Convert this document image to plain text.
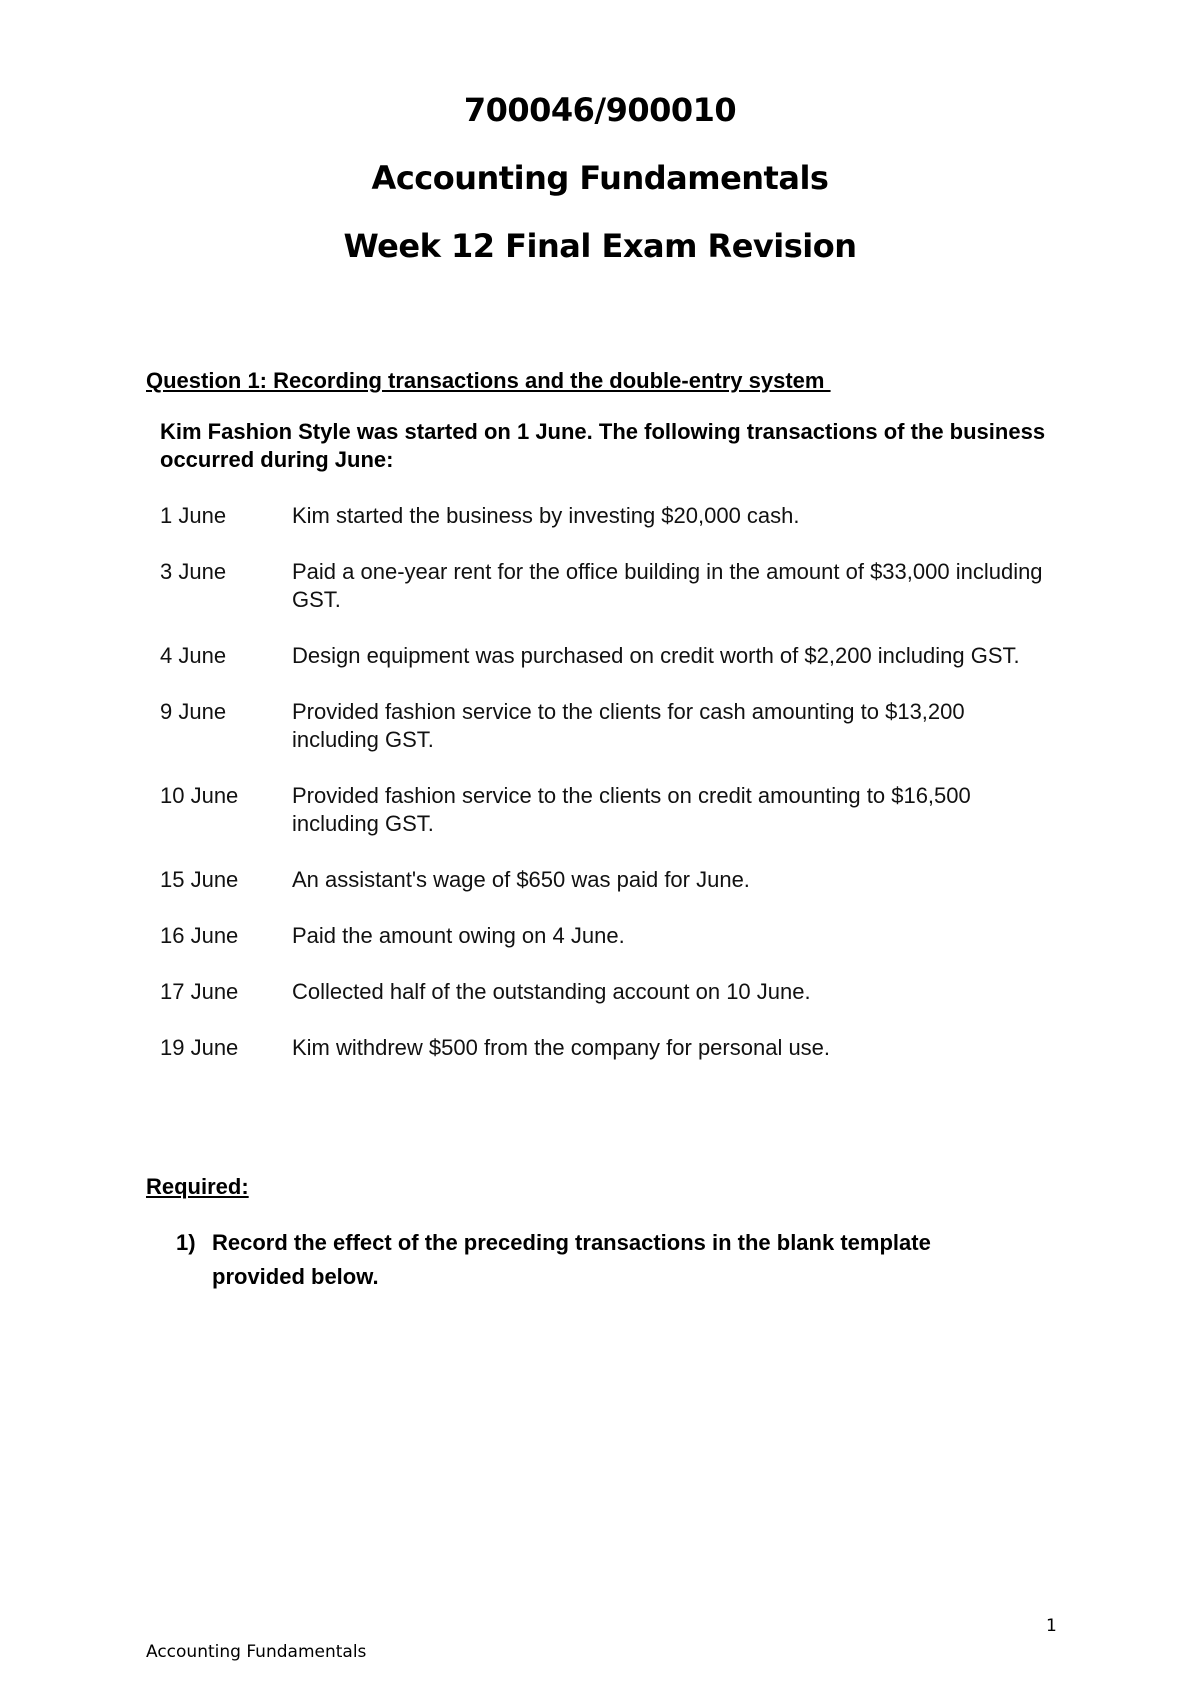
700046/900010
Accounting Fundamentals
Week 12 Final Exam Revision
Question 1: Recording transactions and the double-entry system
Kim Fashion Style was started on 1 June. The following transactions of the business occurred during June:
1 June	Kim started the business by investing $20,000 cash.
3 June	Paid a one-year rent for the office building in the amount of $33,000 including GST.
4 June	Design equipment was purchased on credit worth of $2,200 including GST.
9 June	Provided fashion service to the clients for cash amounting to $13,200 including GST.
10 June	Provided fashion service to the clients on credit amounting to $16,500 including GST.
15 June	An assistant's wage of $650 was paid for June.
16 June	Paid the amount owing on 4 June.
17 June	Collected half of the outstanding account on 10 June.
19 June	Kim withdrew $500 from the company for personal use.
Required:
1) Record the effect of the preceding transactions in the blank template provided below.
1
Accounting Fundamentals
